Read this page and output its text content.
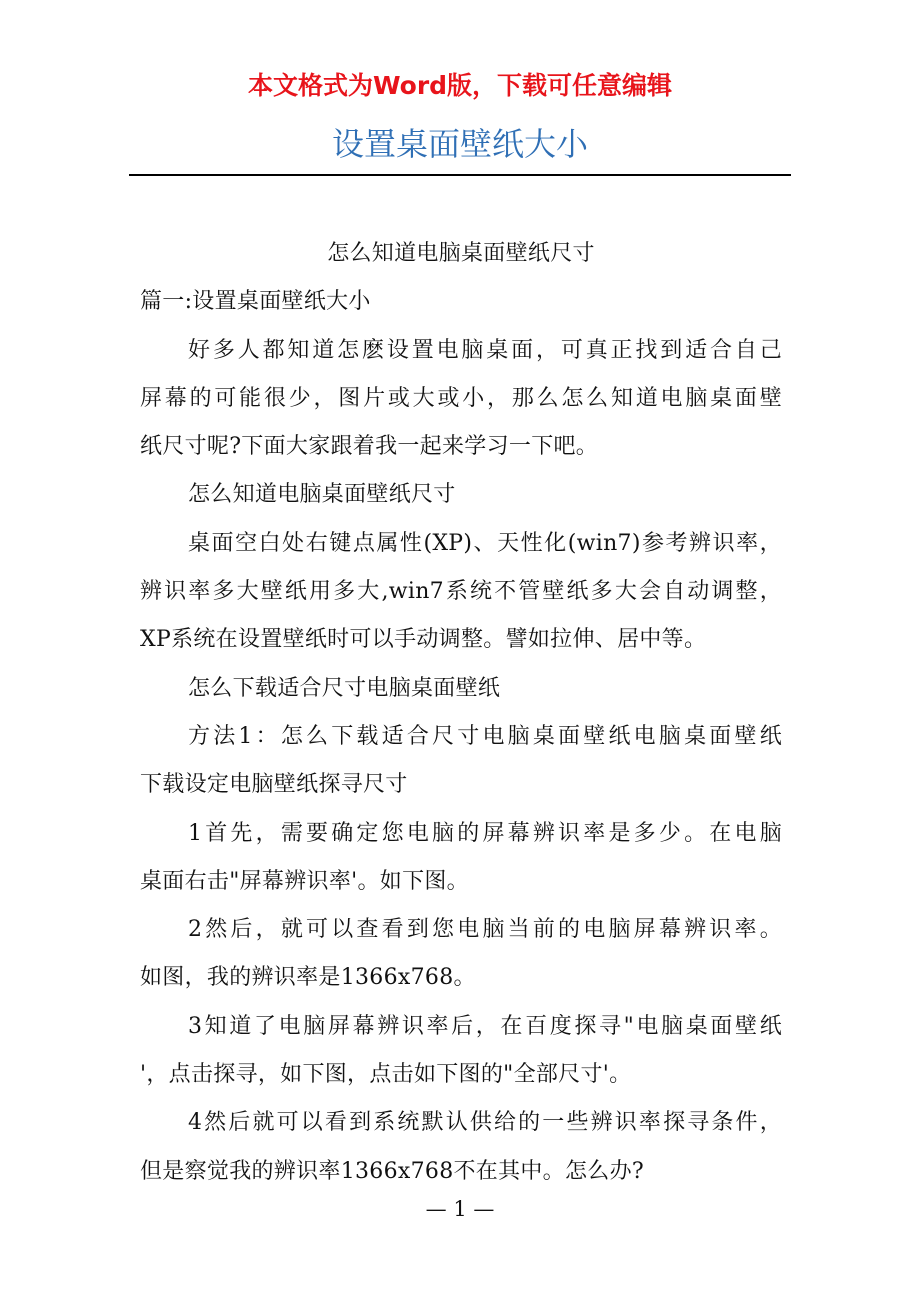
本文格式为Word版，下载可任意编辑
设置桌面壁纸大小
怎么知道电脑桌面壁纸尺寸
篇一:设置桌面壁纸大小
好多人都知道怎麽设置电脑桌面，可真正找到适合自己
屏幕的可能很少，图片或大或小，那么怎么知道电脑桌面壁
纸尺寸呢?下面大家跟着我一起来学习一下吧。
怎么知道电脑桌面壁纸尺寸
桌面空白处右键点属性(XP)、天性化(win7)参考辨识率，
辨识率多大壁纸用多大,win7系统不管壁纸多大会自动调整，
XP系统在设置壁纸时可以手动调整。譬如拉伸、居中等。
怎么下载适合尺寸电脑桌面壁纸
方法1：怎么下载适合尺寸电脑桌面壁纸电脑桌面壁纸
下载设定电脑壁纸探寻尺寸
1首先，需要确定您电脑的屏幕辨识率是多少。在电脑
桌面右击"屏幕辨识率'。如下图。
2然后，就可以查看到您电脑当前的电脑屏幕辨识率。
如图，我的辨识率是1366x768。
3知道了电脑屏幕辨识率后，在百度探寻"电脑桌面壁纸
'，点击探寻，如下图，点击如下图的"全部尺寸'。
4然后就可以看到系统默认供给的一些辨识率探寻条件，
但是察觉我的辨识率1366x768不在其中。怎么办?
— 1 —
